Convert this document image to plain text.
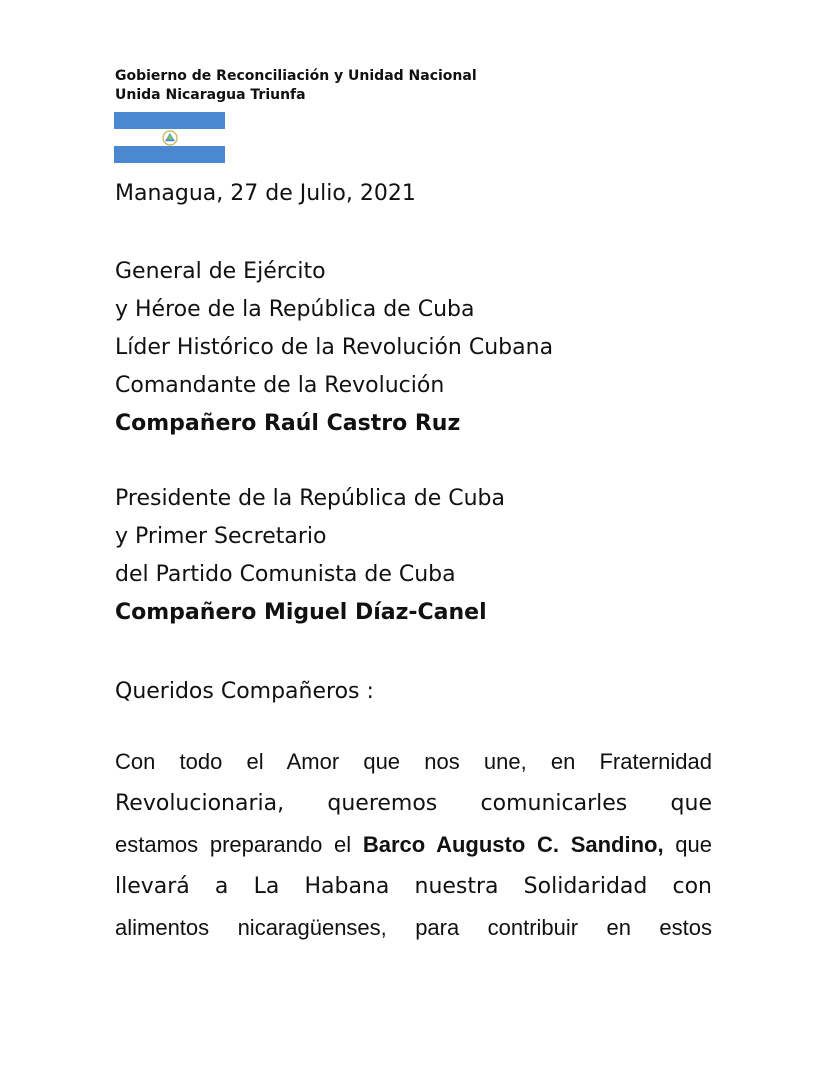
Gobierno de Reconciliación y Unidad Nacional
Unida Nicaragua Triunfa
Managua, 27 de Julio, 2021
General de Ejército
y Héroe de la República de Cuba
Líder Histórico de la Revolución Cubana
Comandante de la Revolución
Compañero Raúl Castro Ruz
Presidente de la República de Cuba
y Primer Secretario
del Partido Comunista de Cuba
Compañero Miguel Díaz-Canel
Queridos Compañeros :
Con todo el Amor que nos une, en Fraternidad
Revolucionaria, queremos comunicarles que
estamos preparando el Barco Augusto C. Sandino, que
llevará a La Habana nuestra Solidaridad con
alimentos nicaragüenses, para contribuir en estos
